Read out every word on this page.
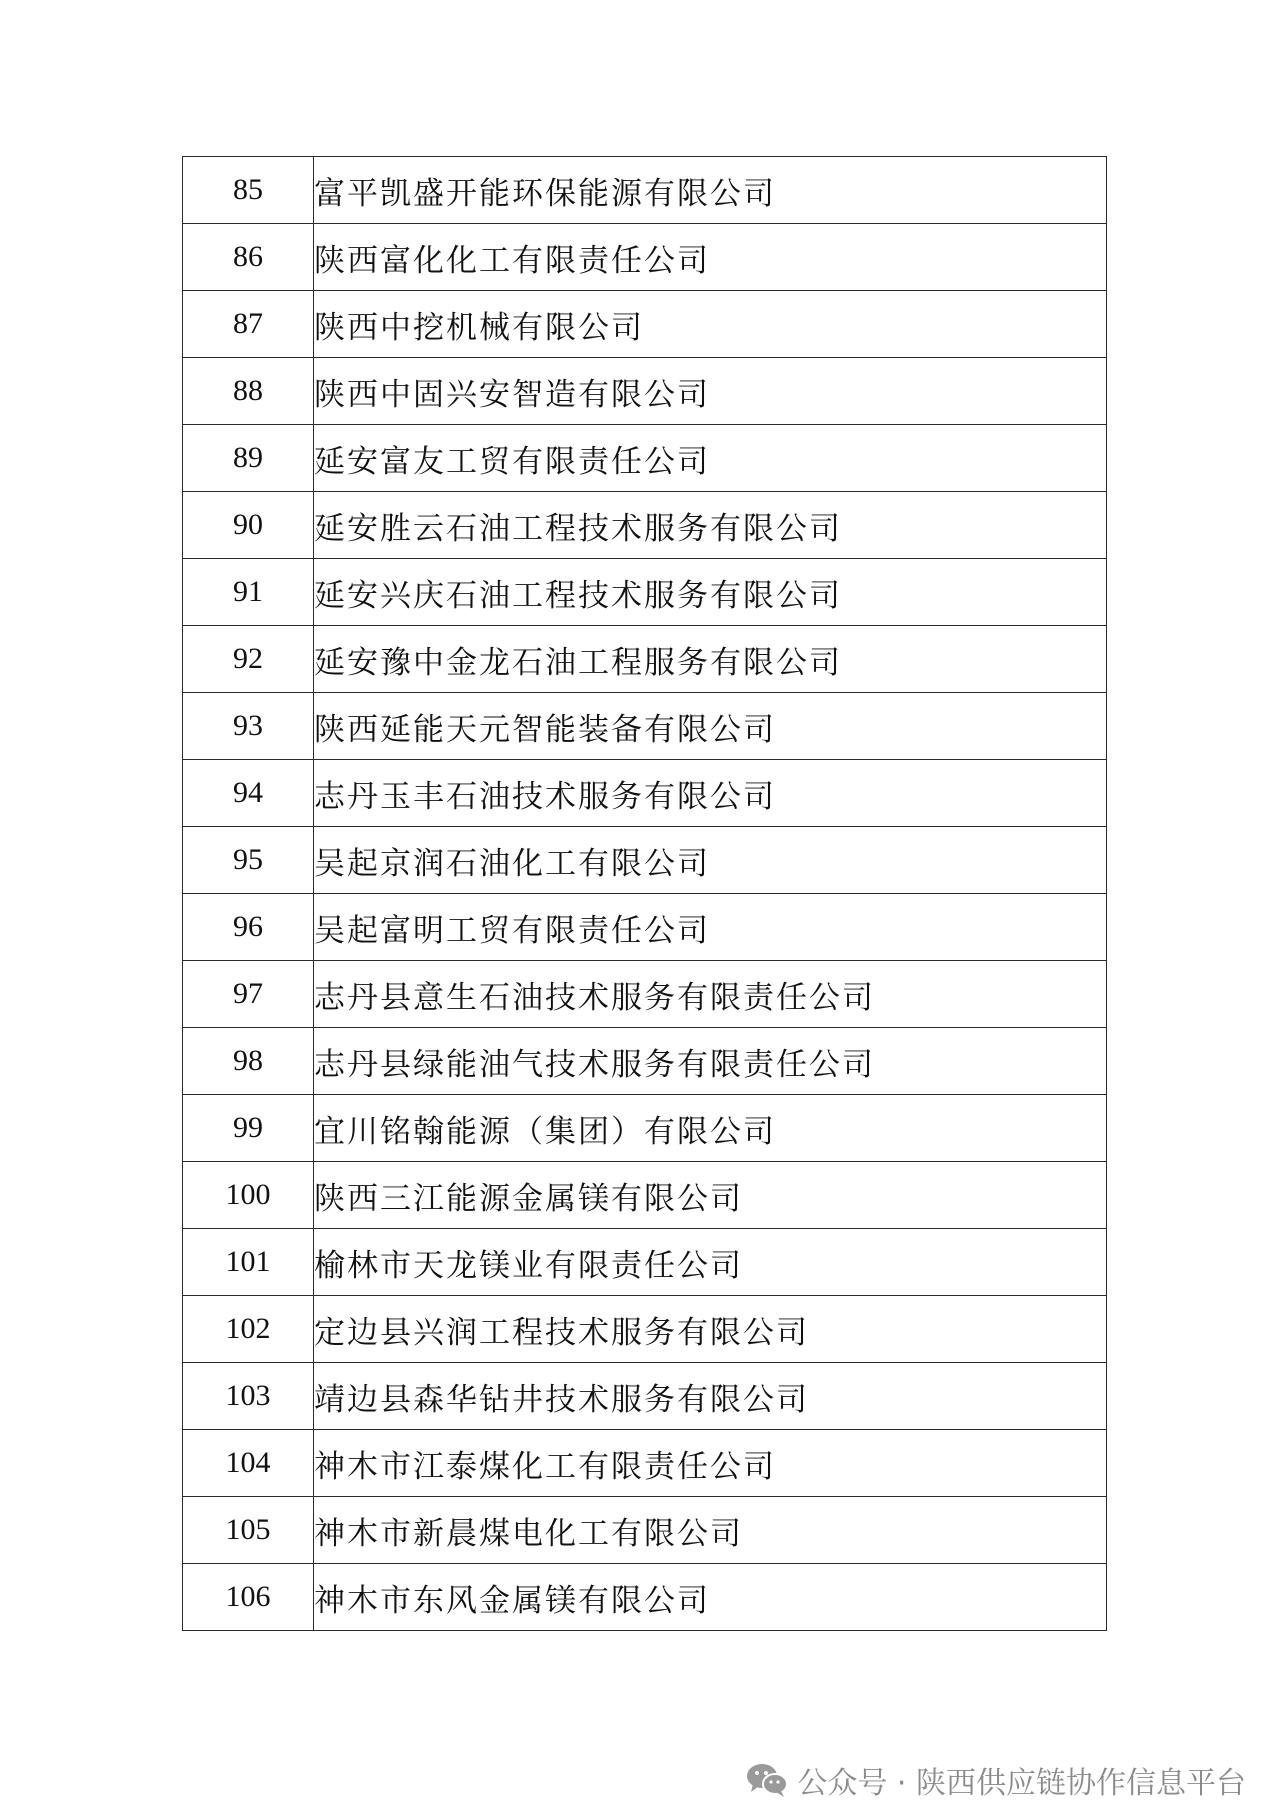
85	富平凯盛开能环保能源有限公司
86	陕西富化化工有限责任公司
87	陕西中挖机械有限公司
88	陕西中固兴安智造有限公司
89	延安富友工贸有限责任公司
90	延安胜云石油工程技术服务有限公司
91	延安兴庆石油工程技术服务有限公司
92	延安豫中金龙石油工程服务有限公司
93	陕西延能天元智能装备有限公司
94	志丹玉丰石油技术服务有限公司
95	吴起京润石油化工有限公司
96	吴起富明工贸有限责任公司
97	志丹县意生石油技术服务有限责任公司
98	志丹县绿能油气技术服务有限责任公司
99	宜川铭翰能源（集团）有限公司
100	陕西三江能源金属镁有限公司
101	榆林市天龙镁业有限责任公司
102	定边县兴润工程技术服务有限公司
103	靖边县森华钻井技术服务有限公司
104	神木市江泰煤化工有限责任公司
105	神木市新晨煤电化工有限公司
106	神木市东风金属镁有限公司
公众号 · 陕西供应链协作信息平台
